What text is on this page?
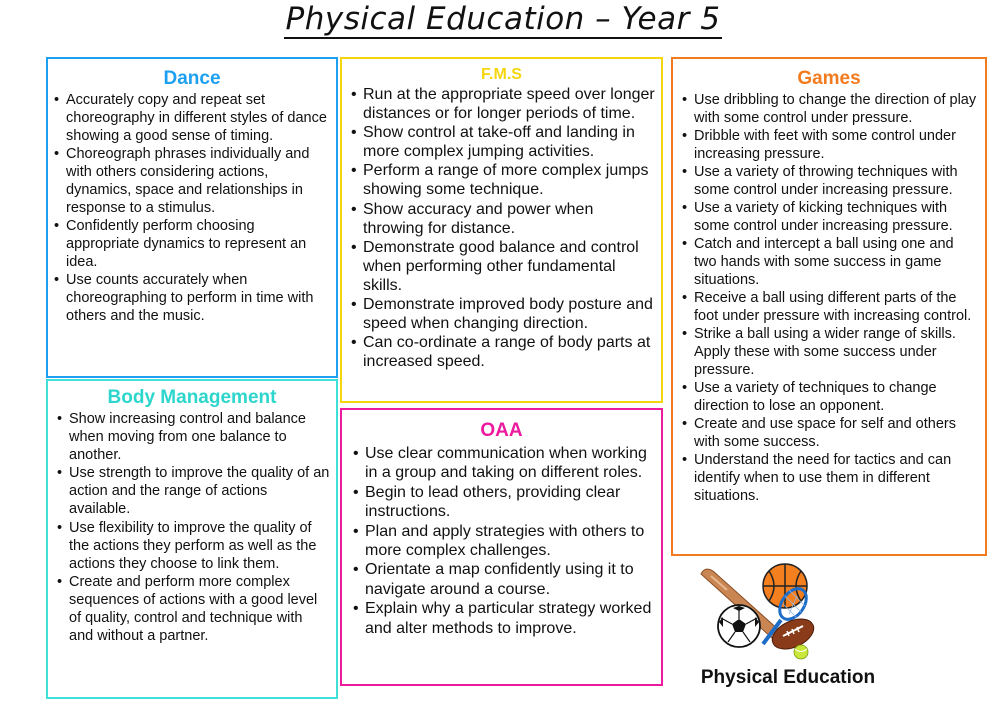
Physical Education – Year 5
Dance
• Accurately copy and repeat set choreography in different styles of dance showing a good sense of timing.
• Choreograph phrases individually and with others considering actions, dynamics, space and relationships in response to a stimulus.
• Confidently perform choosing appropriate dynamics to represent an idea.
• Use counts accurately when choreographing to perform in time with others and the music.
Body Management
• Show increasing control and balance when moving from one balance to another.
• Use strength to improve the quality of an action and the range of actions available.
• Use flexibility to improve the quality of the actions they perform as well as the actions they choose to link them.
• Create and perform more complex sequences of actions with a good level of quality, control and technique with and without a partner.
F.M.S
• Run at the appropriate speed over longer distances or for longer periods of time.
• Show control at take-off and landing in more complex jumping activities.
• Perform a range of more complex jumps showing some technique.
• Show accuracy and power when throwing for distance.
• Demonstrate good balance and control when performing other fundamental skills.
• Demonstrate improved body posture and speed when changing direction.
• Can co-ordinate a range of body parts at increased speed.
OAA
• Use clear communication when working in a group and taking on different roles.
• Begin to lead others, providing clear instructions.
• Plan and apply strategies with others to more complex challenges.
• Orientate a map confidently using it to navigate around a course.
• Explain why a particular strategy worked and alter methods to improve.
Games
• Use dribbling to change the direction of play with some control under pressure.
• Dribble with feet with some control under increasing pressure.
• Use a variety of throwing techniques with some control under increasing pressure.
• Use a variety of kicking techniques with some control under increasing pressure.
• Catch and intercept a ball using one and two hands with some success in game situations.
• Receive a ball using different parts of the foot under pressure with increasing control.
• Strike a ball using a wider range of skills. Apply these with some success under pressure.
• Use a variety of techniques to change direction to lose an opponent.
• Create and use space for self and others with some success.
• Understand the need for tactics and can identify when to use them in different situations.
Physical Education
